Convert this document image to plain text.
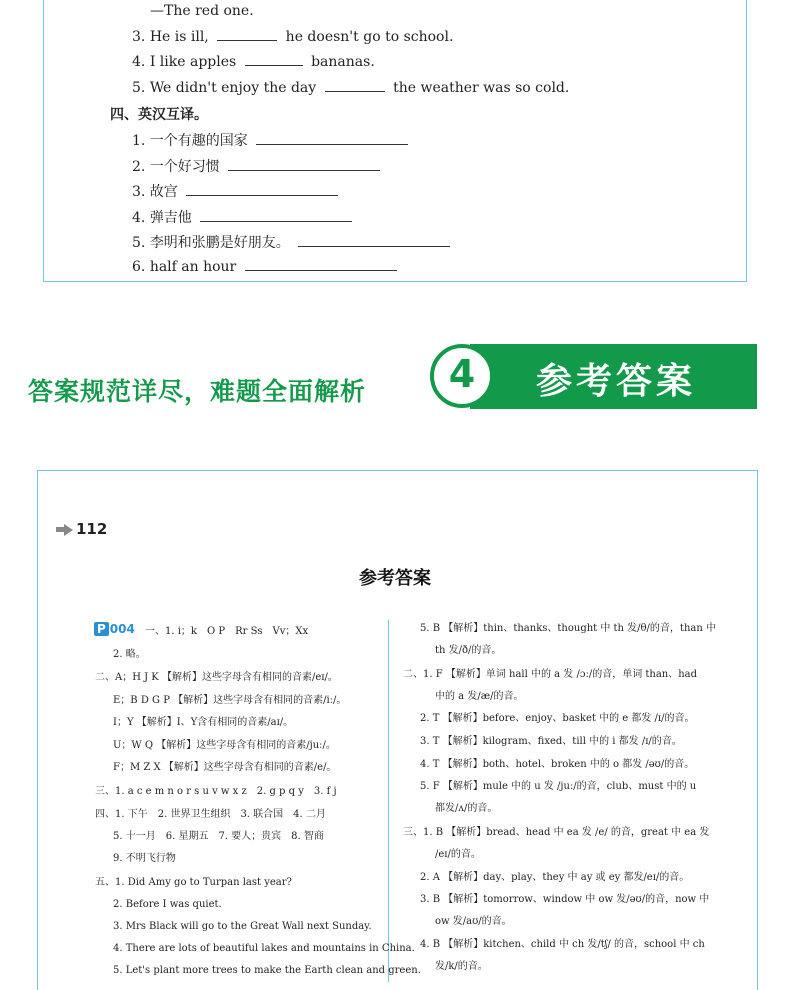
—The red one.
3. He is ill,	he doesn't go to school.
4. I like apples	bananas.
5. We didn't enjoy the day	the weather was so cold.
四、英汉互译。
1. 一个有趣的国家
2. 一个好习惯
3. 故宫
4. 弹吉他
5. 李明和张鹏是好朋友。
6. half an hour
答案规范详尽，难题全面解析	参考答案
4
112
参考答案
P 004 一、1. i；k　O P　Rr Ss　Vv；Xx
2. 略。
二、A；H J K 【解析】这些字母含有相同的音素/eɪ/。
E；B D G P 【解析】这些字母含有相同的音素/iː/。
I；Y 【解析】I、Y含有相同的音素/aɪ/。
U；W Q 【解析】这些字母含有相同的音素/juː/。
F；M Z X 【解析】这些字母含有相同的音素/e/。
三、1. a c e m n o r s u v w x z　2. g p q y　3. f j
四、1. 下午　2. 世界卫生组织　3. 联合国　4. 二月
5. 十一月　6. 星期五　7. 要人；贵宾　8. 智商
9. 不明飞行物
五、1. Did Amy go to Turpan last year?
2. Before I was quiet.
3. Mrs Black will go to the Great Wall next Sunday.
4. There are lots of beautiful lakes and mountains in China.
5. Let's plant more trees to make the Earth clean and green.
5. B 【解析】thin、thanks、thought 中 th 发/θ/的音，than 中
th 发/ð/的音。
二、1. F 【解析】单词 hall 中的 a 发 /ɔː/的音，单词 than、had
中的 a 发/æ/的音。
2. T 【解析】before、enjoy、basket 中的 e 都发 /ɪ/的音。
3. T 【解析】kilogram、fixed、till 中的 i 都发 /ɪ/的音。
4. T 【解析】both、hotel、broken 中的 o 都发 /əʊ/的音。
5. F 【解析】mule 中的 u 发 /juː/的音，club、must 中的 u
都发/ʌ/的音。
三、1. B 【解析】bread、head 中 ea 发 /e/ 的音，great 中 ea 发
/eɪ/的音。
2. A 【解析】day、play、they 中 ay 或 ey 都发/eɪ/的音。
3. B 【解析】tomorrow、window 中 ow 发/əʊ/的音，now 中
ow 发/aʊ/的音。
4. B 【解析】kitchen、child 中 ch 发/tʃ/ 的音，school 中 ch
发/k/的音。
